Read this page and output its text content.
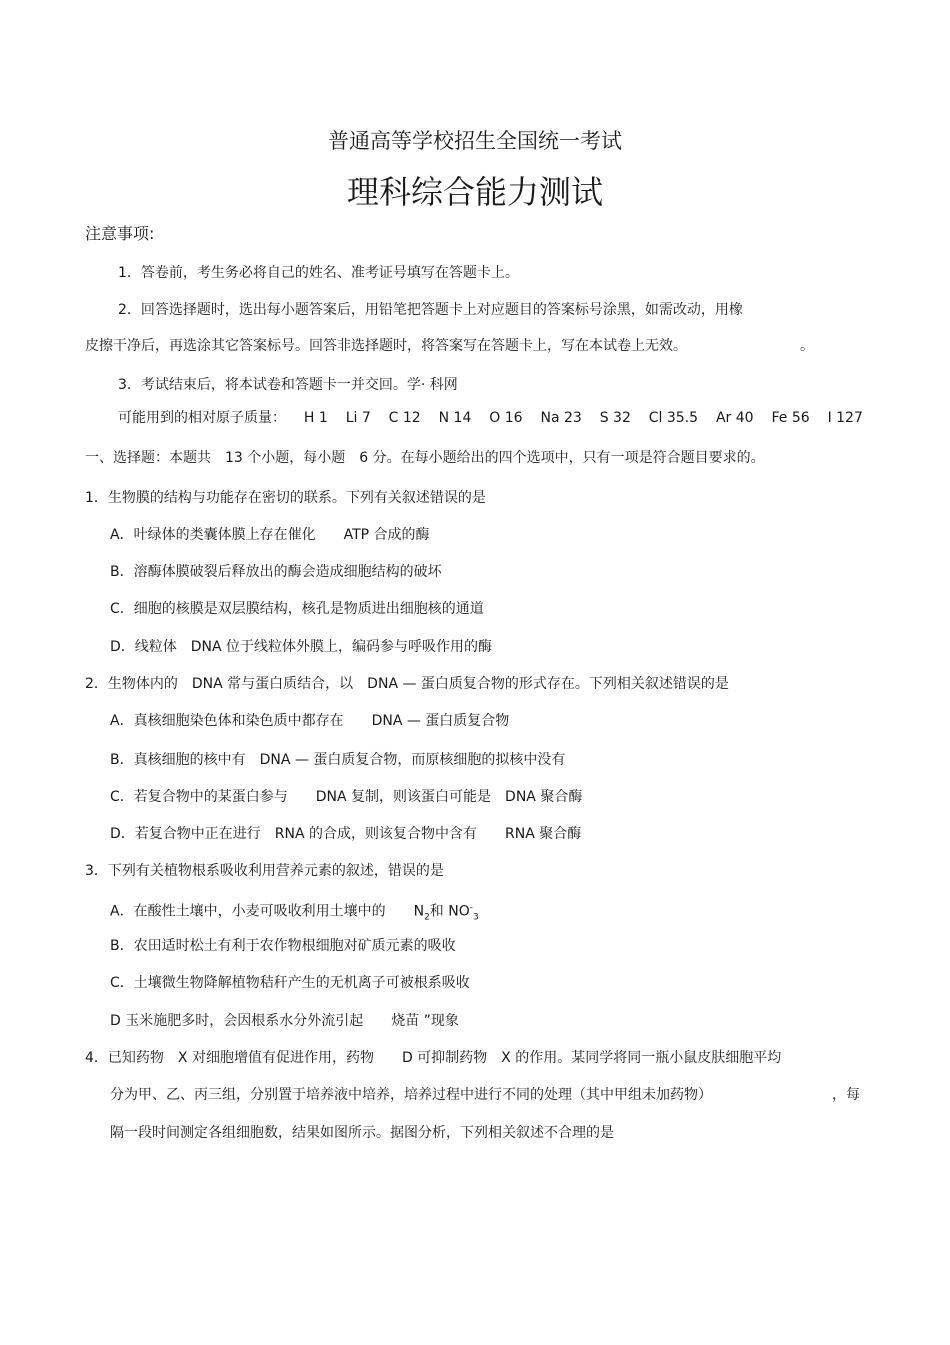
普通高等学校招生全国统一考试
理科综合能力测试
注意事项:
1．答卷前，考生务必将自己的姓名、准考证号填写在答题卡上。
2．回答选择题时，选出每小题答案后，用铅笔把答题卡上对应题目的答案标号涂黑，如需改动，用橡
皮擦干净后，再选涂其它答案标号。回答非选择题时，将答案写在答题卡上，写在本试卷上无效。	。
3．考试结束后，将本试卷和答题卡一并交回。学· 科网
可能用到的相对原子质量： H 1 Li 7 C 12 N 14 O 16 Na 23 S 32 Cl 35.5 Ar 40 Fe 56 I 127
一、选择题：本题共　13 个小题，每小题　6 分。在每小题给出的四个选项中，只有一项是符合题目要求的。
1．生物膜的结构与功能存在密切的联系。下列有关叙述错误的是
A．叶绿体的类囊体膜上存在催化　　ATP 合成的酶
B．溶酶体膜破裂后释放出的酶会造成细胞结构的破坏
C．细胞的核膜是双层膜结构，核孔是物质进出细胞核的通道
D．线粒体　DNA 位于线粒体外膜上，编码参与呼吸作用的酶
2．生物体内的　DNA 常与蛋白质结合，以　DNA — 蛋白质复合物的形式存在。下列相关叙述错误的是
A．真核细胞染色体和染色质中都存在　　DNA — 蛋白质复合物
B．真核细胞的核中有　DNA — 蛋白质复合物，而原核细胞的拟核中没有
C．若复合物中的某蛋白参与　　DNA 复制，则该蛋白可能是　DNA 聚合酶
D．若复合物中正在进行　RNA 的合成，则该复合物中含有　　RNA 聚合酶
3．下列有关植物根系吸收利用营养元素的叙述，错误的是
A．在酸性土壤中，小麦可吸收利用土壤中的　　$N_2$和 $NO^-_3$
B．农田适时松土有利于农作物根细胞对矿质元素的吸收
C．土壤微生物降解植物秸秆产生的无机离子可被根系吸收
D 玉米施肥多时，会因根系水分外流引起　　烧苗 ”现象
4．已知药物　X 对细胞增值有促进作用，药物　　D 可抑制药物　X 的作用。某同学将同一瓶小鼠皮肤细胞平均
分为甲、乙、丙三组，分别置于培养液中培养，培养过程中进行不同的处理（其中甲组未加药物）	，每
隔一段时间测定各组细胞数，结果如图所示。据图分析，下列相关叙述不合理的是
